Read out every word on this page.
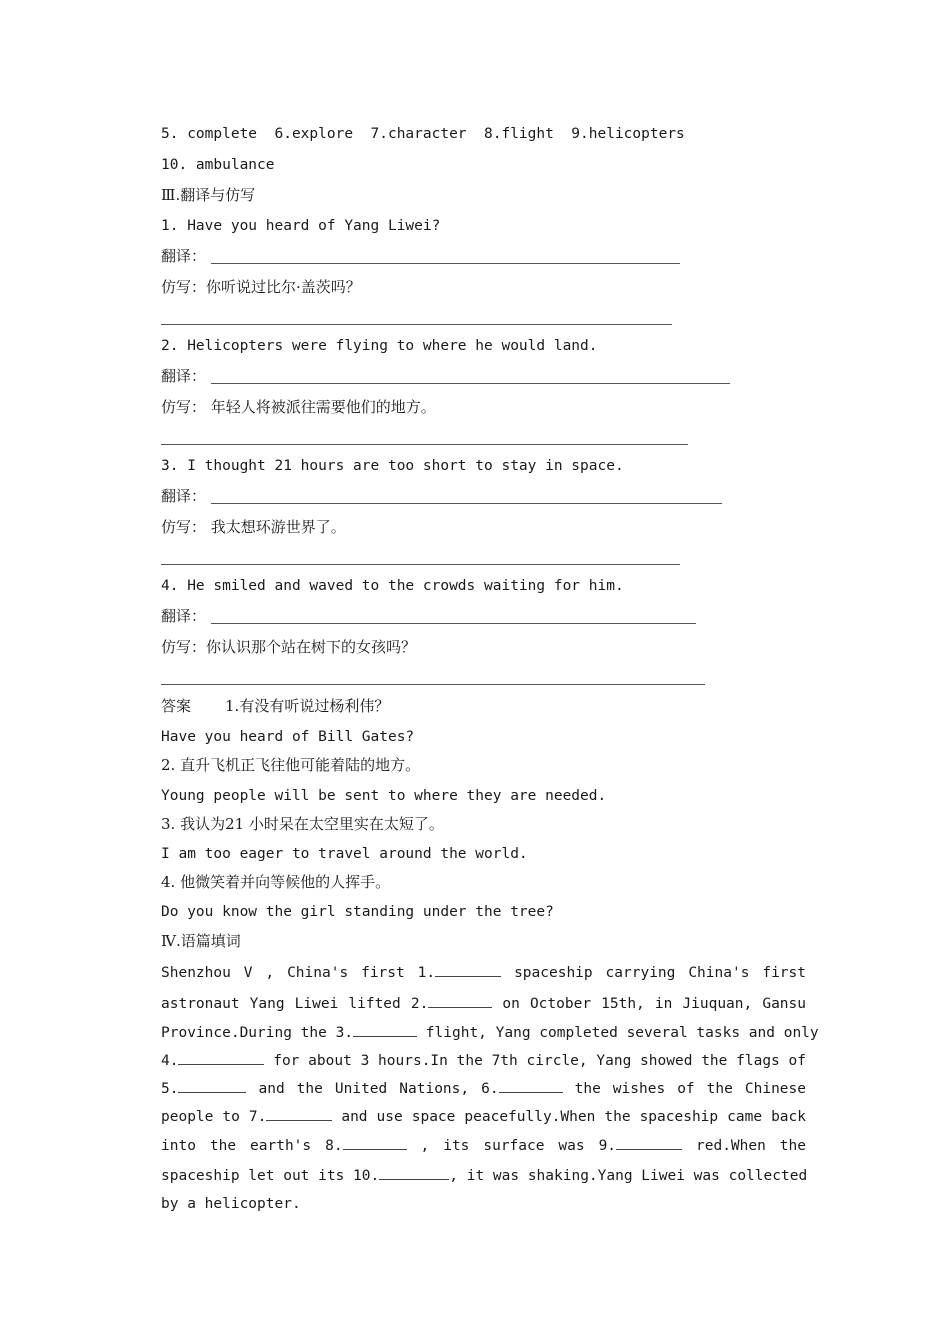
5. complete  6.explore  7.character  8.flight  9.helicopters
10. ambulance
Ⅲ.翻译与仿写
1. Have you heard of Yang Liwei?
翻译：
仿写：你听说过比尔·盖茨吗？
2. Helicopters were flying to where he would land.
翻译：
仿写： 年轻人将被派往需要他们的地方。
3. I thought 21 hours are too short to stay in space.
翻译：
仿写： 我太想环游世界了。
4. He smiled and waved to the crowds waiting for him.
翻译：
仿写：你认识那个站在树下的女孩吗？
答案 1.有没有听说过杨利伟？
Have you heard of Bill Gates?
2. 直升飞机正飞往他可能着陆的地方。
Young people will be sent to where they are needed.
3. 我认为21 小时呆在太空里实在太短了。
I am too eager to travel around the world.
4. 他微笑着并向等候他的人挥手。
Do you know the girl standing under the tree?
Ⅳ.语篇填词
Shenzhou V , China's first 1.	spaceship carrying China's first
astronaut Yang Liwei lifted 2.	on October 15th, in Jiuquan, Gansu
Province.During the 3.	flight, Yang completed several tasks and only
4.	for about 3 hours.In the 7th circle, Yang showed the flags of
5.	and the United Nations, 6.	the wishes of the Chinese
people to 7.	and use space peacefully.When the spaceship came back
into the earth's 8.	, its surface was 9.	red.When the
spaceship let out its 10.	, it was shaking.Yang Liwei was collected
by a helicopter.
